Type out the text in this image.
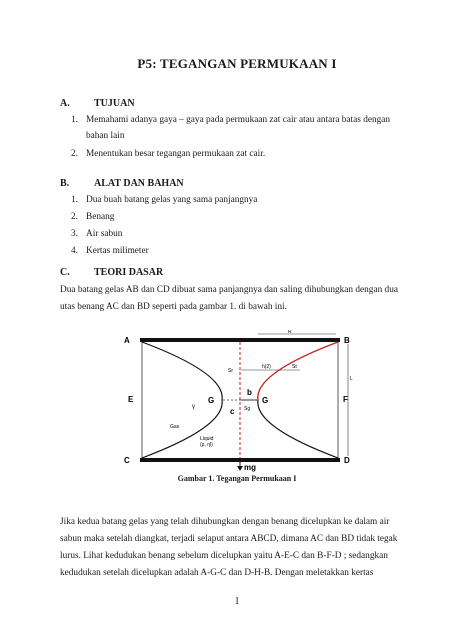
P5: TEGANGAN PERMUKAAN I
A. TUJUAN
1. Memahami adanya gaya – gaya pada permukaan zat cair atau antara batas dengan
bahan lain
2. Menentukan besar tegangan permukaan zat cair.
B. ALAT DAN BAHAN
1. Dua buah batang gelas yang sama panjangnya
2. Benang
3. Air sabun
4. Kertas milimeter
C. TEORI DASAR
Dua batang gelas AB dan CD dibuat sama panjangnya dan saling dihubungkan dengan dua
utas benang AC dan BD seperti pada gambar 1. di bawah ini.
A	B
C	D
E	F
G	G
b
c
R
Sr
St
Sg
h(2)
L
γ
Gas
Liquid
(ρ, ηl)
mg
Gambar 1. Tegangan Permukaan I
Jika kedua batang gelas yang telah dihubungkan dengan benang dicelupkan ke dalam air
sabun maka setelah diangkat, terjadi selaput antara ABCD, dimana AC dan BD tidak tegak
lurus. Lihat kedudukan benang sebelum dicelupkan yaitu A-E-C dan B-F-D ; sedangkan
kedudukan setelah dicelupkan adalah A-G-C dan D-H-B. Dengan meletakkan kertas
1
